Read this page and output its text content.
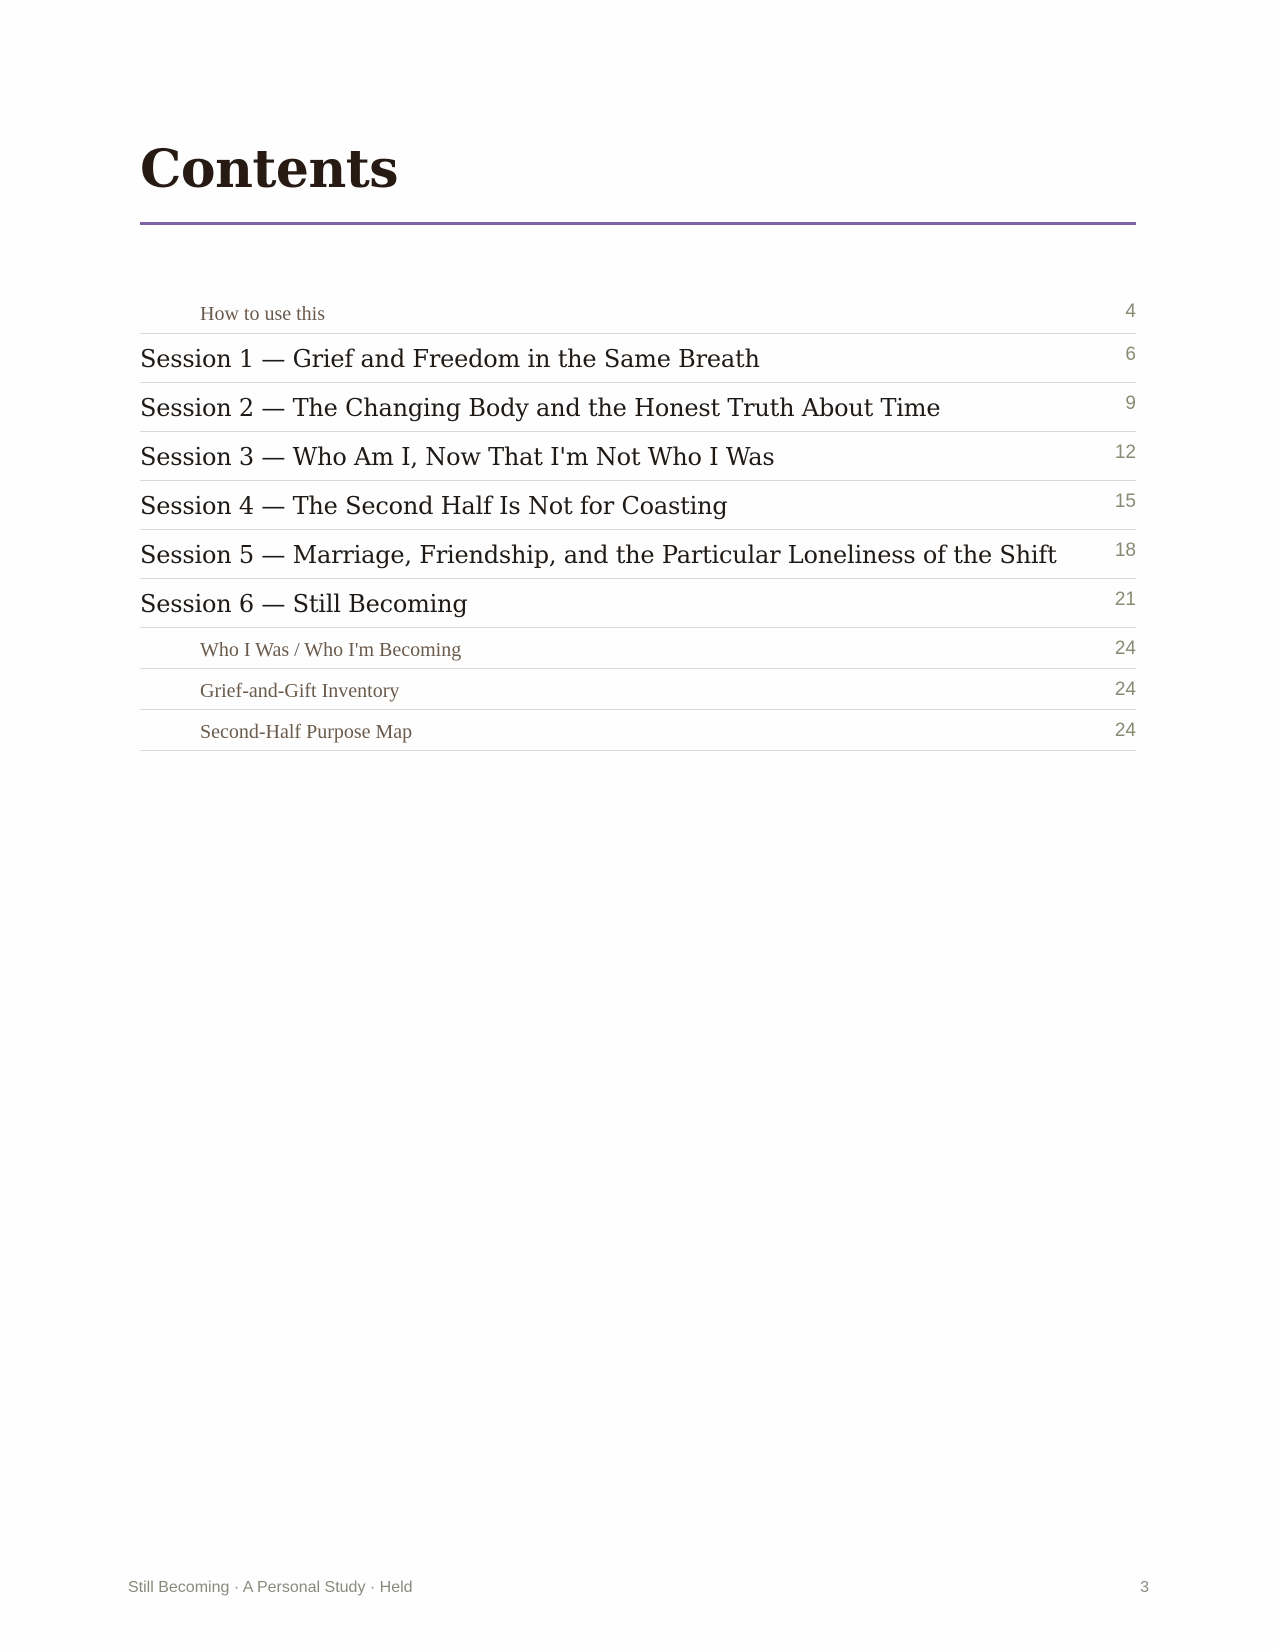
Contents
How to use this	4
Session 1 — Grief and Freedom in the Same Breath	6
Session 2 — The Changing Body and the Honest Truth About Time	9
Session 3 — Who Am I, Now That I'm Not Who I Was	12
Session 4 — The Second Half Is Not for Coasting	15
Session 5 — Marriage, Friendship, and the Particular Loneliness of the Shift	18
Session 6 — Still Becoming	21
Who I Was / Who I'm Becoming	24
Grief-and-Gift Inventory	24
Second-Half Purpose Map	24
Still Becoming · A Personal Study · Held	3
